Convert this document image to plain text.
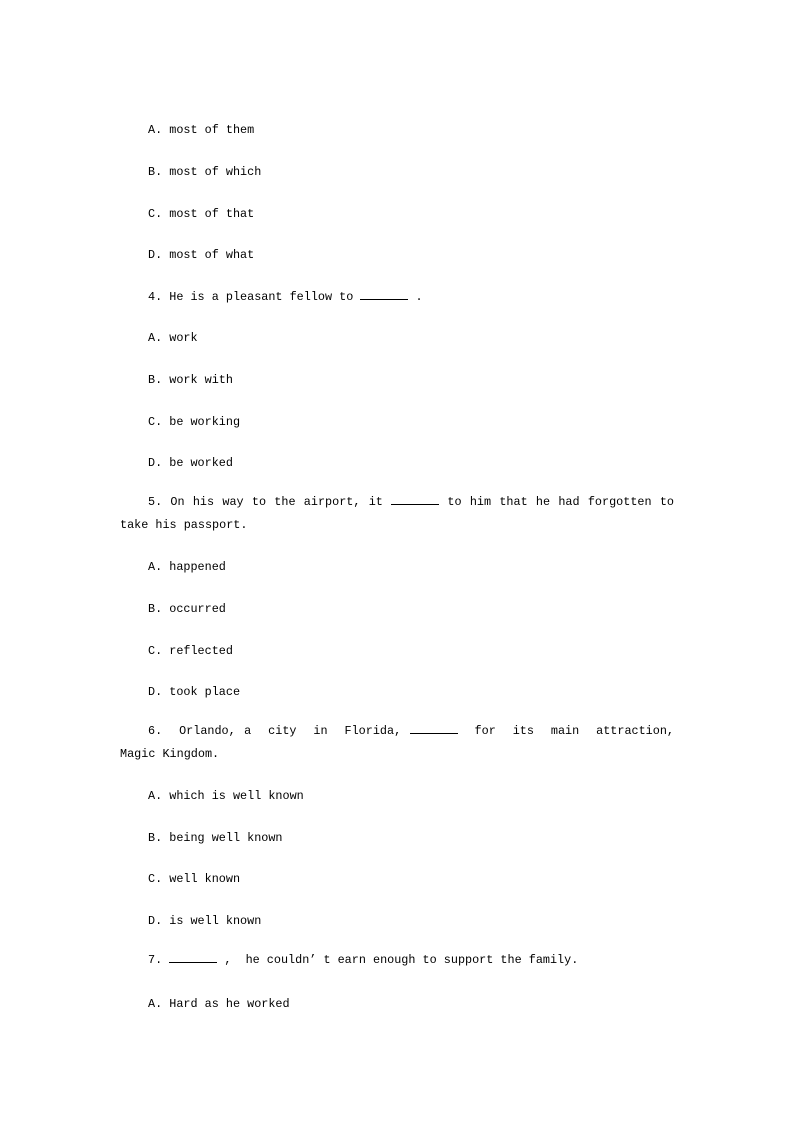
A. most of them
B. most of which
C. most of that
D. most of what
4. He is a pleasant fellow to	.
A. work
B. work with
C. be working
D. be worked
5. On his way to the airport, it	to him that he had forgotten to take his passport.
A. happened
B. occurred
C. reflected
D. took place
6.  Orlando, a  city  in  Florida,	for  its  main  attraction, Magic Kingdom.
A. which is well known
B. being well known
C. well known
D. is well known
7.	,  he couldn’ t earn enough to support the family.
A. Hard as he worked
